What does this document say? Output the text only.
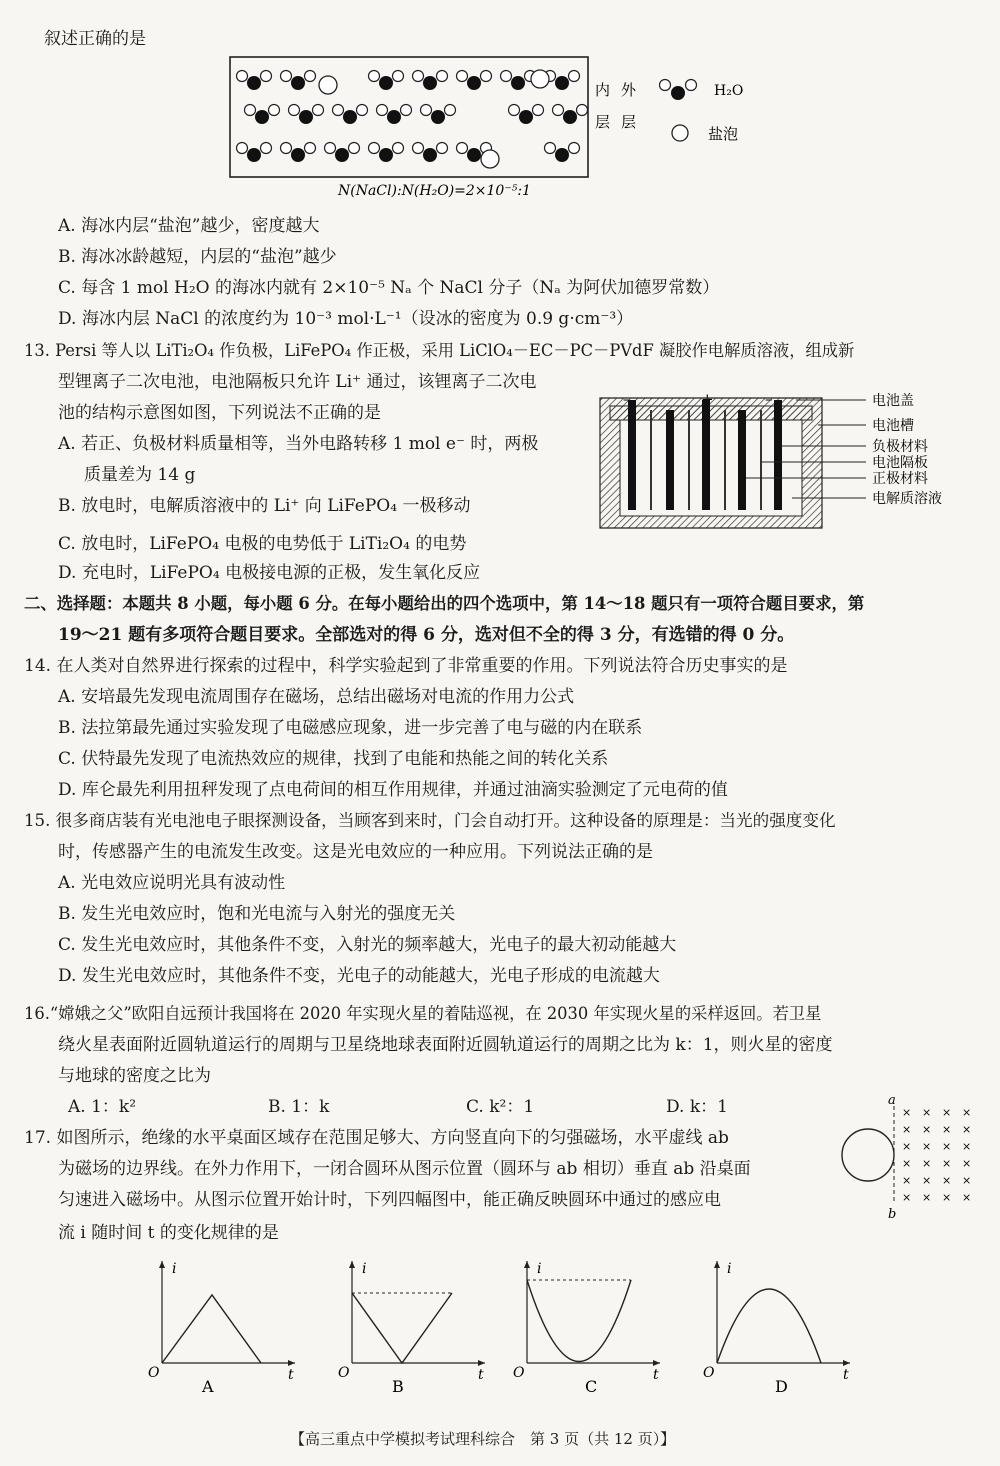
叙述正确的是
内
层
外
层
H₂O
盐泡
N(NaCl):N(H₂O)=2×10⁻⁵:1
A. 海冰内层“盐泡”越少，密度越大
B. 海冰冰龄越短，内层的“盐泡”越少
C. 每含 1 mol H₂O 的海冰内就有 2×10⁻⁵ Nₐ 个 NaCl 分子（Nₐ 为阿伏加德罗常数）
D. 海冰内层 NaCl 的浓度约为 10⁻³ mol·L⁻¹（设冰的密度为 0.9 g·cm⁻³）
13. Persi 等人以 LiTi₂O₄ 作负极，LiFePO₄ 作正极，采用 LiClO₄－EC－PC－PVdF 凝胶作电解质溶液，组成新
型锂离子二次电池，电池隔板只允许 Li⁺ 通过，该锂离子二次电
池的结构示意图如图，下列说法不正确的是
A. 若正、负极材料质量相等，当外电路转移 1 mol e⁻ 时，两极
质量差为 14 g
B. 放电时，电解质溶液中的 Li⁺ 向 LiFePO₄ 一极移动
C. 放电时，LiFePO₄ 电极的电势低于 LiTi₂O₄ 的电势
D. 充电时，LiFePO₄ 电极接电源的正极，发生氧化反应
电池盖
电池槽
负极材料
电池隔板
正极材料
电解质溶液
二、选择题：本题共 8 小题，每小题 6 分。在每小题给出的四个选项中，第 14～18 题只有一项符合题目要求，第
19～21 题有多项符合题目要求。全部选对的得 6 分，选对但不全的得 3 分，有选错的得 0 分。
14. 在人类对自然界进行探索的过程中，科学实验起到了非常重要的作用。下列说法符合历史事实的是
A. 安培最先发现电流周围存在磁场，总结出磁场对电流的作用力公式
B. 法拉第最先通过实验发现了电磁感应现象，进一步完善了电与磁的内在联系
C. 伏特最先发现了电流热效应的规律，找到了电能和热能之间的转化关系
D. 库仑最先利用扭秤发现了点电荷间的相互作用规律，并通过油滴实验测定了元电荷的值
15. 很多商店装有光电池电子眼探测设备，当顾客到来时，门会自动打开。这种设备的原理是：当光的强度变化
时，传感器产生的电流发生改变。这是光电效应的一种应用。下列说法正确的是
A. 光电效应说明光具有波动性
B. 发生光电效应时，饱和光电流与入射光的强度无关
C. 发生光电效应时，其他条件不变，入射光的频率越大，光电子的最大初动能越大
D. 发生光电效应时，其他条件不变，光电子的动能越大，光电子形成的电流越大
16.“嫦娥之父”欧阳自远预计我国将在 2020 年实现火星的着陆巡视，在 2030 年实现火星的采样返回。若卫星
绕火星表面附近圆轨道运行的周期与卫星绕地球表面附近圆轨道运行的周期之比为 k：1，则火星的密度
与地球的密度之比为
A. 1：k²	B. 1：k	C. k²：1	D. k：1
17. 如图所示，绝缘的水平桌面区域存在范围足够大、方向竖直向下的匀强磁场，水平虚线 ab
为磁场的边界线。在外力作用下，一闭合圆环从图示位置（圆环与 ab 相切）垂直 ab 沿桌面
匀速进入磁场中。从图示位置开始计时，下列四幅图中，能正确反映圆环中通过的感应电
流 i 随时间 t 的变化规律的是
a
b
× × × ×
× × × ×
× × × ×
× × × ×
× × × ×
× × × ×
i
t
O
A
i
t
O
B
i
t
O
C
i
t
O
D
【高三重点中学模拟考试理科综合　第 3 页（共 12 页）】
